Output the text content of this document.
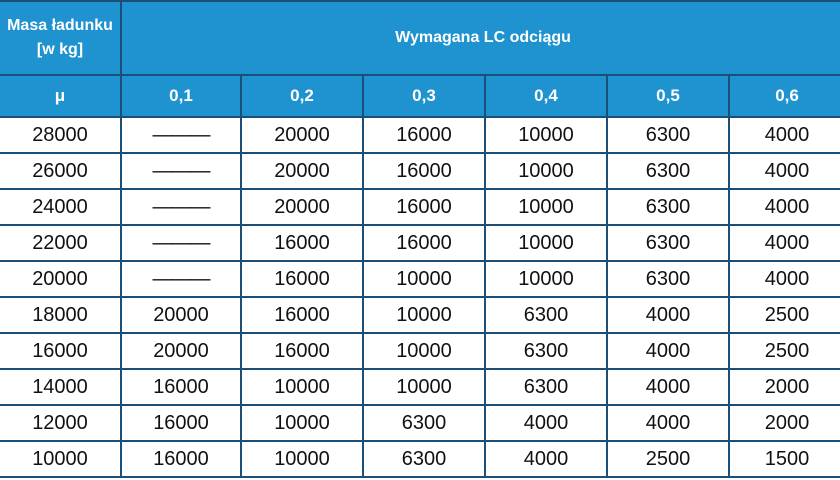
Masa ładunku
[w kg]	Wymagana LC odciągu					
μ	0,1	0,2	0,3	0,4	0,5	0,6
28000	———	20000	16000	10000	6300	4000
26000	———	20000	16000	10000	6300	4000
24000	———	20000	16000	10000	6300	4000
22000	———	16000	16000	10000	6300	4000
20000	———	16000	10000	10000	6300	4000
18000	20000	16000	10000	6300	4000	2500
16000	20000	16000	10000	6300	4000	2500
14000	16000	10000	10000	6300	4000	2000
12000	16000	10000	6300	4000	4000	2000
10000	16000	10000	6300	4000	2500	1500
